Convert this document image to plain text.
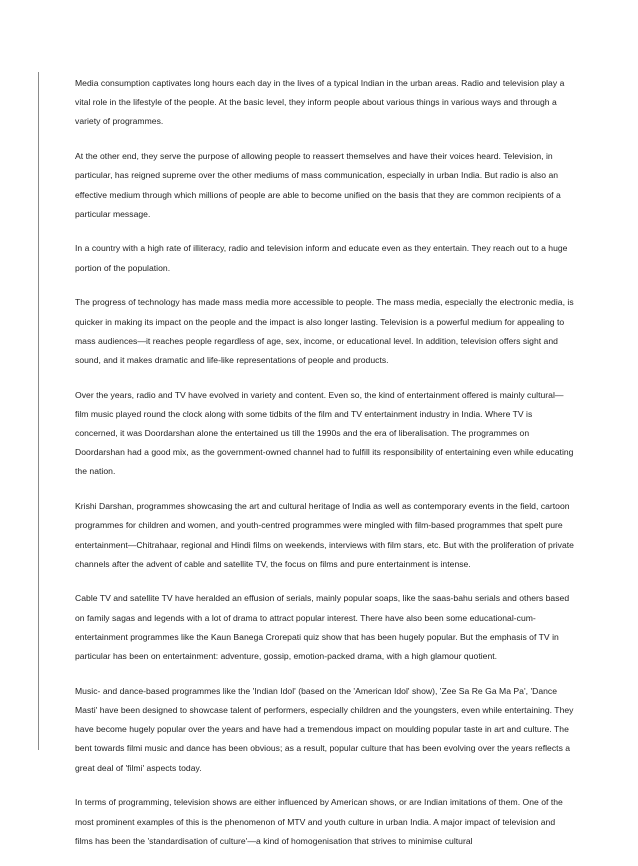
Media consumption captivates long hours each day in the lives of a typical Indian in the urban areas. Radio and television play a vital role in the lifestyle of the people. At the basic level, they inform people about various things in various ways and through a variety of programmes.

At the other end, they serve the purpose of allowing people to reassert themselves and have their voices heard. Television, in particular, has reigned supreme over the other mediums of mass communication, especially in urban India. But radio is also an effective medium through which millions of people are able to become unified on the basis that they are common recipients of a particular message.

In a country with a high rate of illiteracy, radio and television inform and educate even as they entertain. They reach out to a huge portion of the population.

The progress of technology has made mass media more accessible to people. The mass media, especially the electronic media, is quicker in making its impact on the people and the impact is also longer lasting. Television is a powerful medium for appealing to mass audiences—it reaches people regardless of age, sex, income, or educational level. In addition, television offers sight and sound, and it makes dramatic and life-like representations of people and products.

Over the years, radio and TV have evolved in variety and content. Even so, the kind of entertainment offered is mainly cultural—film music played round the clock along with some tidbits of the film and TV entertainment industry in India. Where TV is concerned, it was Doordarshan alone the entertained us till the 1990s and the era of liberalisation. The programmes on Doordarshan had a good mix, as the government-owned channel had to fulfill its responsibility of entertaining even while educating the nation.

Krishi Darshan, programmes showcasing the art and cultural heritage of India as well as contemporary events in the field, cartoon programmes for children and women, and youth-centred programmes were mingled with film-based programmes that spelt pure entertainment—Chitrahaar, regional and Hindi films on weekends, interviews with film stars, etc. But with the proliferation of private channels after the advent of cable and satellite TV, the focus on films and pure entertainment is intense.

Cable TV and satellite TV have heralded an effusion of serials, mainly popular soaps, like the saas-bahu serials and others based on family sagas and legends with a lot of drama to attract popular interest. There have also been some educational-cum-entertainment programmes like the Kaun Banega Crorepati quiz show that has been hugely popular. But the emphasis of TV in particular has been on entertainment: adventure, gossip, emotion-packed drama, with a high glamour quotient.

Music- and dance-based programmes like the 'Indian Idol' (based on the 'American Idol' show), 'Zee Sa Re Ga Ma Pa', 'Dance Masti' have been designed to showcase talent of performers, especially children and the youngsters, even while entertaining. They have become hugely popular over the years and have had a tremendous impact on moulding popular taste in art and culture. The bent towards filmi music and dance has been obvious; as a result, popular culture that has been evolving over the years reflects a great deal of 'filmi' aspects today.

In terms of programming, television shows are either influenced by American shows, or are Indian imitations of them. One of the most prominent examples of this is the phenomenon of MTV and youth culture in urban India. A major impact of television and films has been the 'standardisation of culture'—a kind of homogenisation that strives to minimise cultural
